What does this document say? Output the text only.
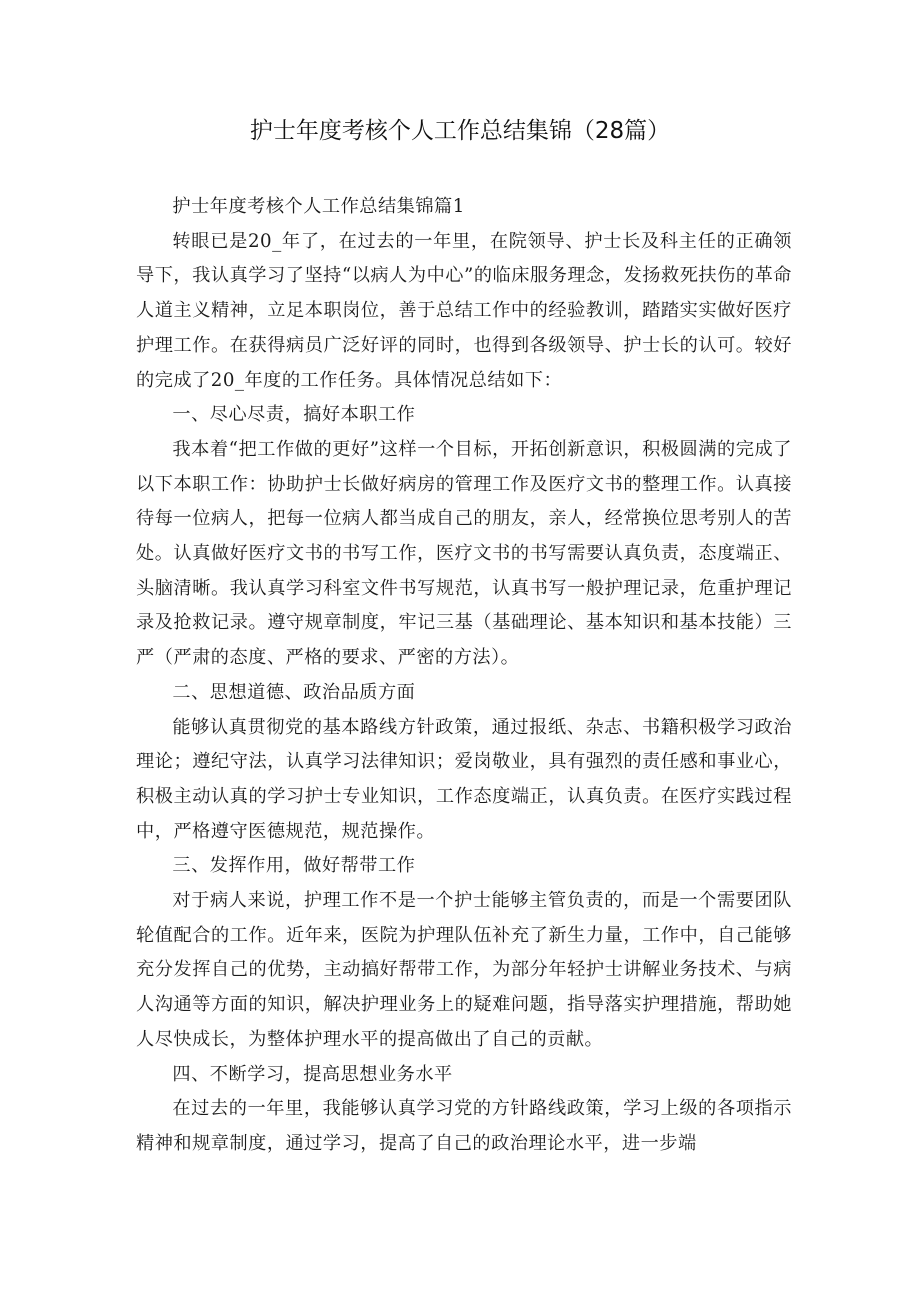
护士年度考核个人工作总结集锦（28篇）

护士年度考核个人工作总结集锦篇1

转眼已是20_年了，在过去的一年里，在院领导、护士长及科主任的正确领导下，我认真学习了坚持“以病人为中心”的临床服务理念，发扬救死扶伤的革命人道主义精神，立足本职岗位，善于总结工作中的经验教训，踏踏实实做好医疗护理工作。在获得病员广泛好评的同时，也得到各级领导、护士长的认可。较好的完成了20_年度的工作任务。具体情况总结如下：

一、尽心尽责，搞好本职工作

我本着“把工作做的更好”这样一个目标，开拓创新意识，积极圆满的完成了以下本职工作：协助护士长做好病房的管理工作及医疗文书的整理工作。认真接待每一位病人，把每一位病人都当成自己的朋友，亲人，经常换位思考别人的苦处。认真做好医疗文书的书写工作，医疗文书的书写需要认真负责，态度端正、头脑清晰。我认真学习科室文件书写规范，认真书写一般护理记录，危重护理记录及抢救记录。遵守规章制度，牢记三基（基础理论、基本知识和基本技能）三严（严肃的态度、严格的要求、严密的方法）。

二、思想道德、政治品质方面

能够认真贯彻党的基本路线方针政策，通过报纸、杂志、书籍积极学习政治理论；遵纪守法，认真学习法律知识；爱岗敬业，具有强烈的责任感和事业心，积极主动认真的学习护士专业知识，工作态度端正，认真负责。在医疗实践过程中，严格遵守医德规范，规范操作。

三、发挥作用，做好帮带工作

对于病人来说，护理工作不是一个护士能够主管负责的，而是一个需要团队轮值配合的工作。近年来，医院为护理队伍补充了新生力量，工作中，自己能够充分发挥自己的优势，主动搞好帮带工作，为部分年轻护士讲解业务技术、与病人沟通等方面的知识，解决护理业务上的疑难问题，指导落实护理措施，帮助她人尽快成长，为整体护理水平的提高做出了自己的贡献。

四、不断学习，提高思想业务水平

在过去的一年里，我能够认真学习党的方针路线政策，学习上级的各项指示精神和规章制度，通过学习，提高了自己的政治理论水平，进一步端
